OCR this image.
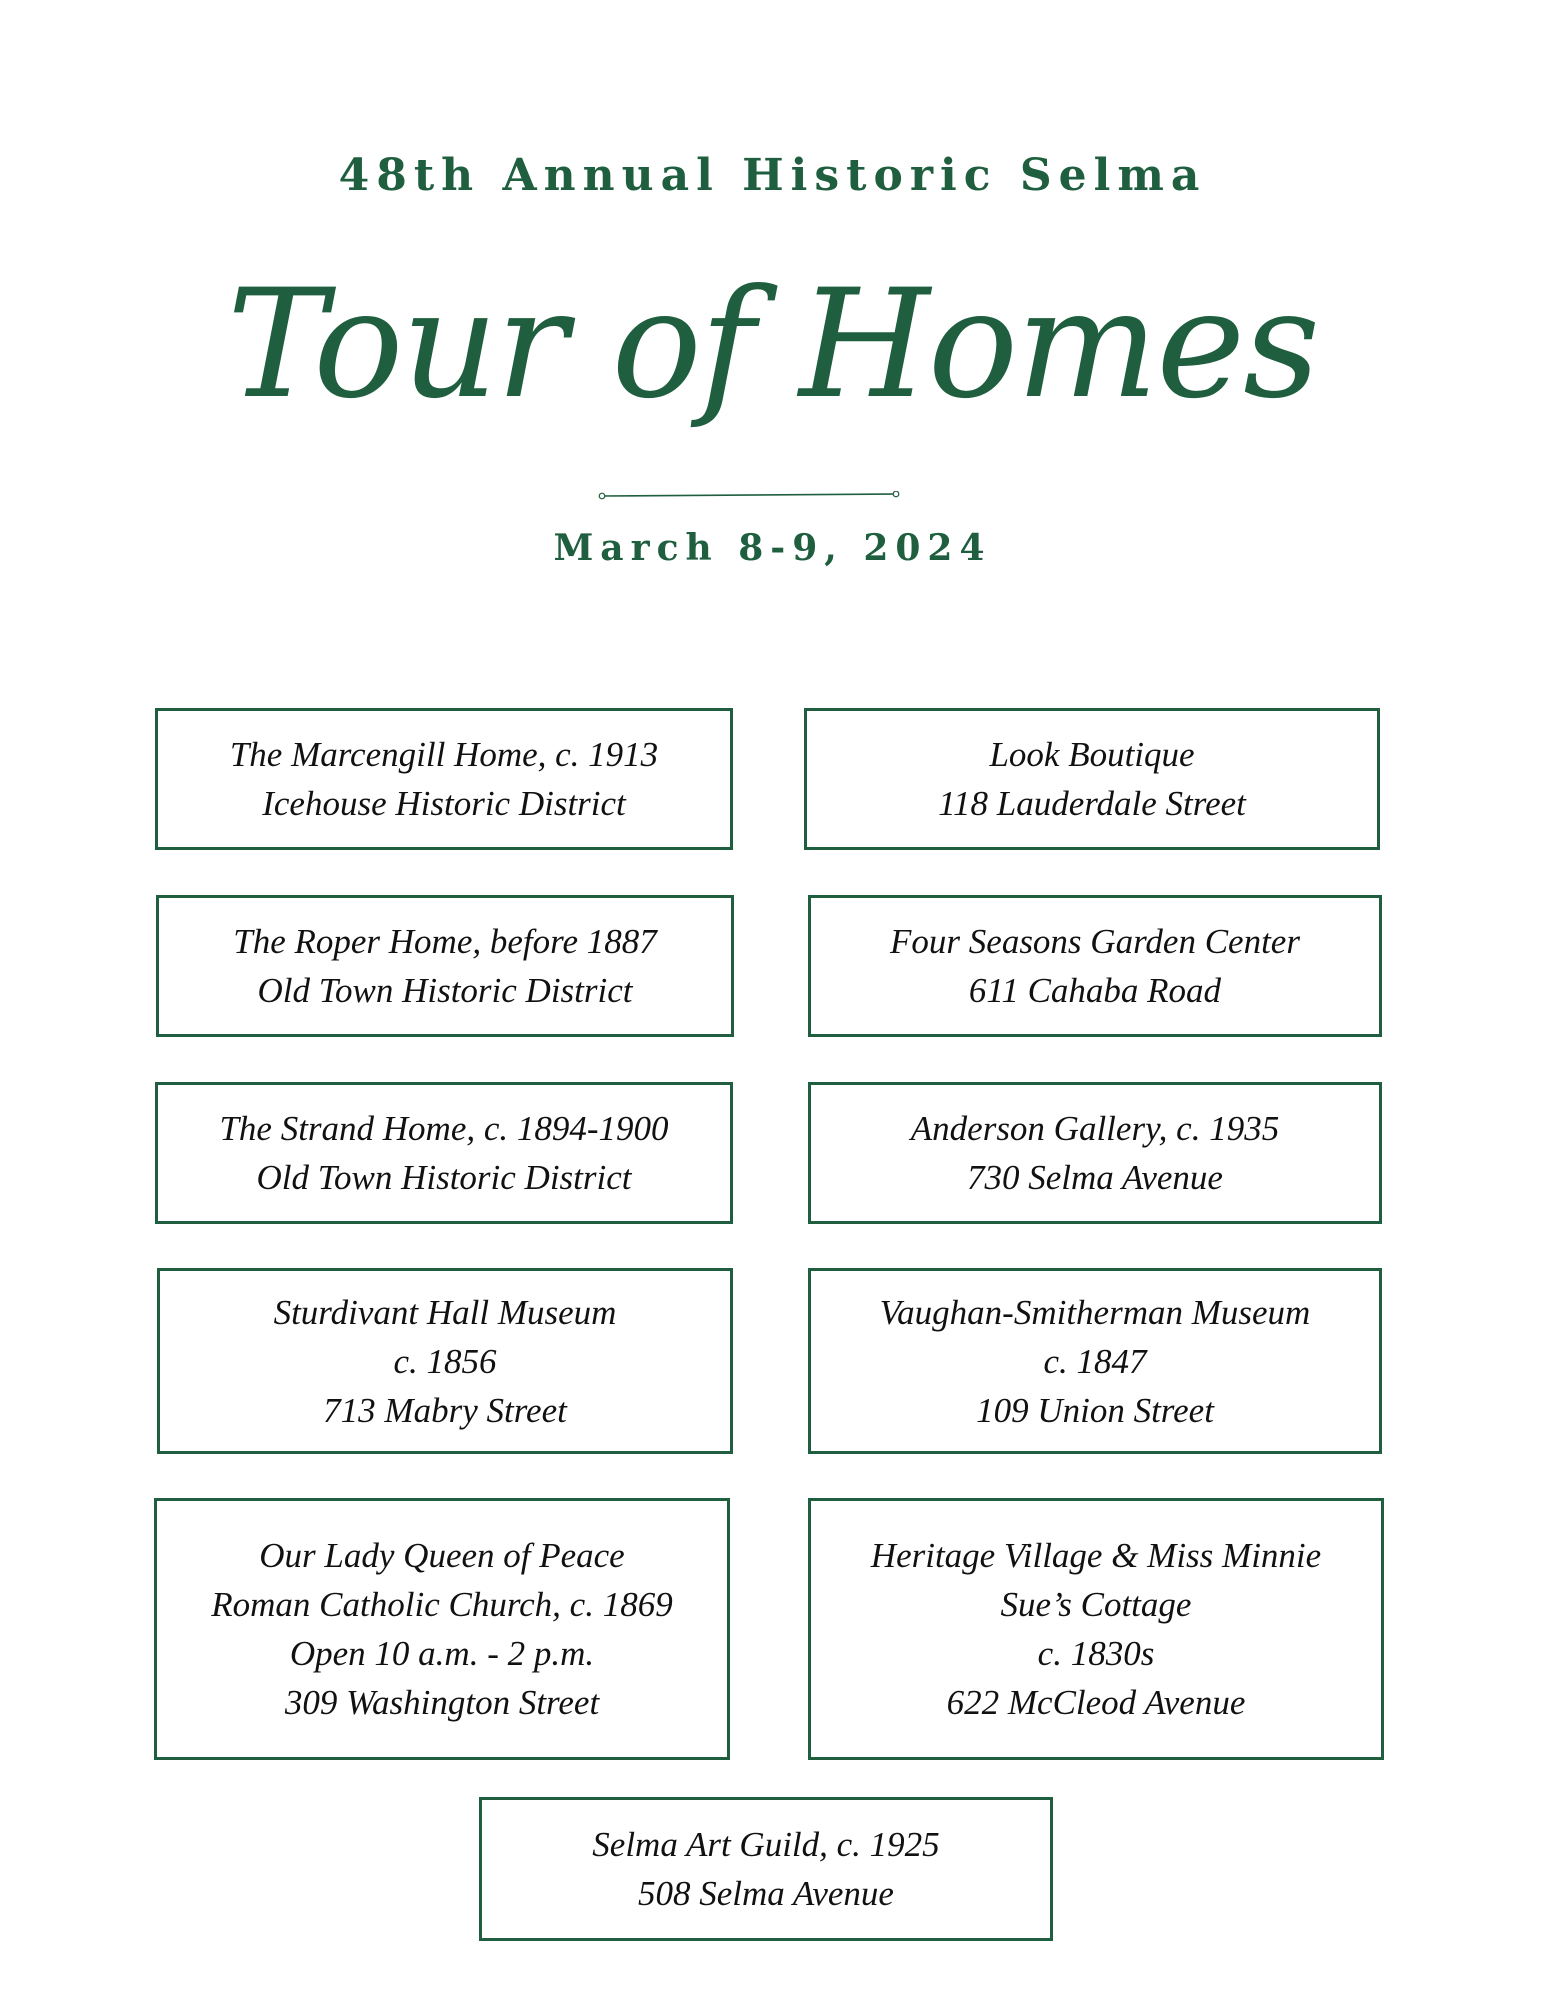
48th Annual Historic Selma
Tour of Homes
March 8-9, 2024
The Marcengill Home, c. 1913
Icehouse Historic District
Look Boutique
118 Lauderdale Street
The Roper Home, before 1887
Old Town Historic District
Four Seasons Garden Center
611 Cahaba Road
The Strand Home, c. 1894-1900
Old Town Historic District
Anderson Gallery, c. 1935
730 Selma Avenue
Sturdivant Hall Museum
c. 1856
713 Mabry Street
Vaughan-Smitherman Museum
c. 1847
109 Union Street
Our Lady Queen of Peace
Roman Catholic Church, c. 1869
Open 10 a.m. - 2 p.m.
309 Washington Street
Heritage Village & Miss Minnie
Sue’s Cottage
c. 1830s
622 McCleod Avenue
Selma Art Guild, c. 1925
508 Selma Avenue
